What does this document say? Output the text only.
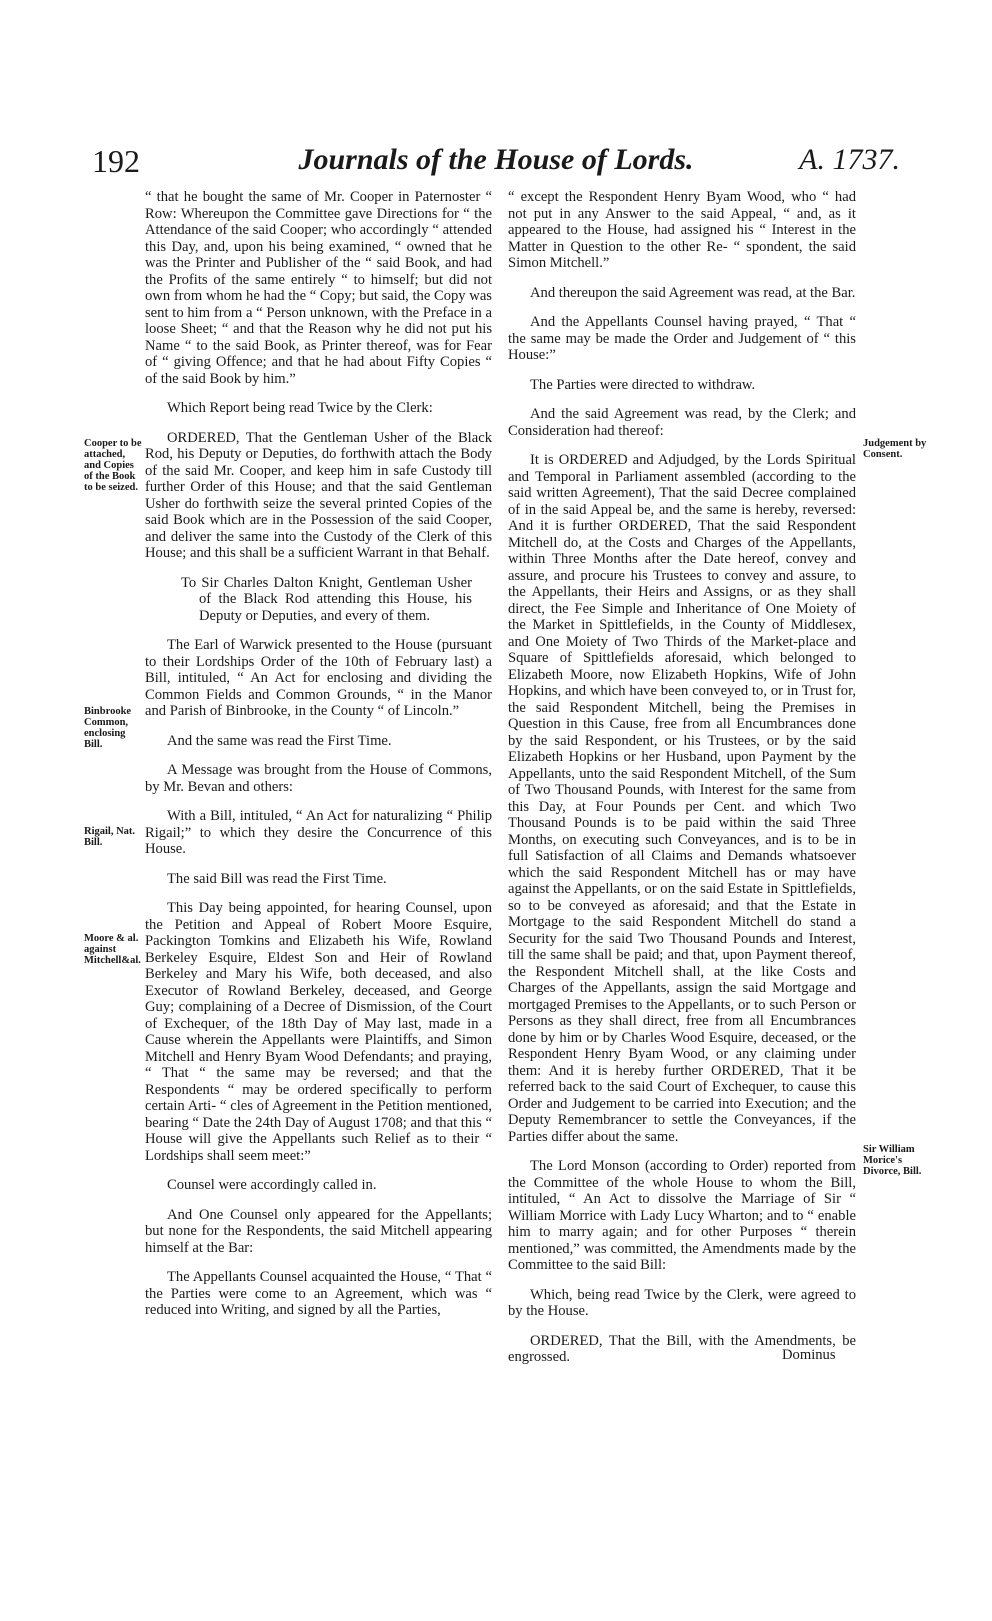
192	Journals of the House of Lords.	A. 1737.

“ that he bought the same of Mr. Cooper in Paternoster “ Row: Whereupon the Committee gave Directions for “ the Attendance of the said Cooper; who accordingly “ attended this Day, and, upon his being examined, “ owned that he was the Printer and Publisher of the “ said Book, and had the Profits of the same entirely “ to himself; but did not own from whom he had the “ Copy; but said, the Copy was sent to him from a “ Person unknown, with the Preface in a loose Sheet; “ and that the Reason why he did not put his Name “ to the said Book, as Printer thereof, was for Fear of “ giving Offence; and that he had about Fifty Copies “ of the said Book by him.”

Which Report being read Twice by the Clerk:

ORDERED, That the Gentleman Usher of the Black Rod, his Deputy or Deputies, do forthwith attach the Body of the said Mr. Cooper, and keep him in safe Custody till further Order of this House; and that the said Gentleman Usher do forthwith seize the several printed Copies of the said Book which are in the Possession of the said Cooper, and deliver the same into the Custody of the Clerk of this House; and this shall be a sufficient Warrant in that Behalf.

To Sir Charles Dalton Knight, Gentleman Usher of the Black Rod attending this House, his Deputy or Deputies, and every of them.

The Earl of Warwick presented to the House (pursuant to their Lordships Order of the 10th of February last) a Bill, intituled, “ An Act for enclosing and dividing the Common Fields and Common Grounds, “ in the Manor and Parish of Binbrooke, in the County “ of Lincoln.”

And the same was read the First Time.

A Message was brought from the House of Commons, by Mr. Bevan and others:

With a Bill, intituled, “ An Act for naturalizing “ Philip Rigail;” to which they desire the Concurrence of this House.

The said Bill was read the First Time.

This Day being appointed, for hearing Counsel, upon the Petition and Appeal of Robert Moore Esquire, Packington Tomkins and Elizabeth his Wife, Rowland Berkeley Esquire, Eldest Son and Heir of Rowland Berkeley and Mary his Wife, both deceased, and also Executor of Rowland Berkeley, deceased, and George Guy; complaining of a Decree of Dismission, of the Court of Exchequer, of the 18th Day of May last, made in a Cause wherein the Appellants were Plaintiffs, and Simon Mitchell and Henry Byam Wood Defendants; and praying, “ That “ the same may be reversed; and that the Respondents “ may be ordered specifically to perform certain Arti- “ cles of Agreement in the Petition mentioned, bearing “ Date the 24th Day of August 1708; and that this “ House will give the Appellants such Relief as to their “ Lordships shall seem meet:”

Counsel were accordingly called in.

And One Counsel only appeared for the Appellants; but none for the Respondents, the said Mitchell appearing himself at the Bar:

The Appellants Counsel acquainted the House, “ That “ the Parties were come to an Agreement, which was “ reduced into Writing, and signed by all the Parties,

“ except the Respondent Henry Byam Wood, who “ had not put in any Answer to the said Appeal, “ and, as it appeared to the House, had assigned his “ Interest in the Matter in Question to the other Re- “ spondent, the said Simon Mitchell.”

And thereupon the said Agreement was read, at the Bar.

And the Appellants Counsel having prayed, “ That “ the same may be made the Order and Judgement of “ this House:”

The Parties were directed to withdraw.

And the said Agreement was read, by the Clerk; and Consideration had thereof:

It is ORDERED and Adjudged, by the Lords Spiritual and Temporal in Parliament assembled (according to the said written Agreement), That the said Decree complained of in the said Appeal be, and the same is hereby, reversed: And it is further ORDERED, That the said Respondent Mitchell do, at the Costs and Charges of the Appellants, within Three Months after the Date hereof, convey and assure, and procure his Trustees to convey and assure, to the Appellants, their Heirs and Assigns, or as they shall direct, the Fee Simple and Inheritance of One Moiety of the Market in Spittlefields, in the County of Middlesex, and One Moiety of Two Thirds of the Market-place and Square of Spittlefields aforesaid, which belonged to Elizabeth Moore, now Elizabeth Hopkins, Wife of John Hopkins, and which have been conveyed to, or in Trust for, the said Respondent Mitchell, being the Premises in Question in this Cause, free from all Encumbrances done by the said Respondent, or his Trustees, or by the said Elizabeth Hopkins or her Husband, upon Payment by the Appellants, unto the said Respondent Mitchell, of the Sum of Two Thousand Pounds, with Interest for the same from this Day, at Four Pounds per Cent. and which Two Thousand Pounds is to be paid within the said Three Months, on executing such Conveyances, and is to be in full Satisfaction of all Claims and Demands whatsoever which the said Respondent Mitchell has or may have against the Appellants, or on the said Estate in Spittlefields, so to be conveyed as aforesaid; and that the Estate in Mortgage to the said Respondent Mitchell do stand a Security for the said Two Thousand Pounds and Interest, till the same shall be paid; and that, upon Payment thereof, the Respondent Mitchell shall, at the like Costs and Charges of the Appellants, assign the said Mortgage and mortgaged Premises to the Appellants, or to such Person or Persons as they shall direct, free from all Encumbrances done by him or by Charles Wood Esquire, deceased, or the Respondent Henry Byam Wood, or any claiming under them: And it is hereby further ORDERED, That it be referred back to the said Court of Exchequer, to cause this Order and Judgement to be carried into Execution; and the Deputy Remembrancer to settle the Conveyances, if the Parties differ about the same.

The Lord Monson (according to Order) reported from the Committee of the whole House to whom the Bill, intituled, “ An Act to dissolve the Marriage of Sir “ William Morrice with Lady Lucy Wharton; and to “ enable him to marry again; and for other Purposes “ therein mentioned,” was committed, the Amendments made by the Committee to the said Bill:

Which, being read Twice by the Clerk, were agreed to by the House.

ORDERED, That the Bill, with the Amendments, be engrossed.

Cooper to be attached, and Copies of the Book to be seized.
Binbrooke Common, enclosing Bill.
Rigail, Nat. Bill.
Moore & al. against Mitchell&al.
Judgement by Consent.
Sir William Morice's Divorce, Bill.
Dominus
